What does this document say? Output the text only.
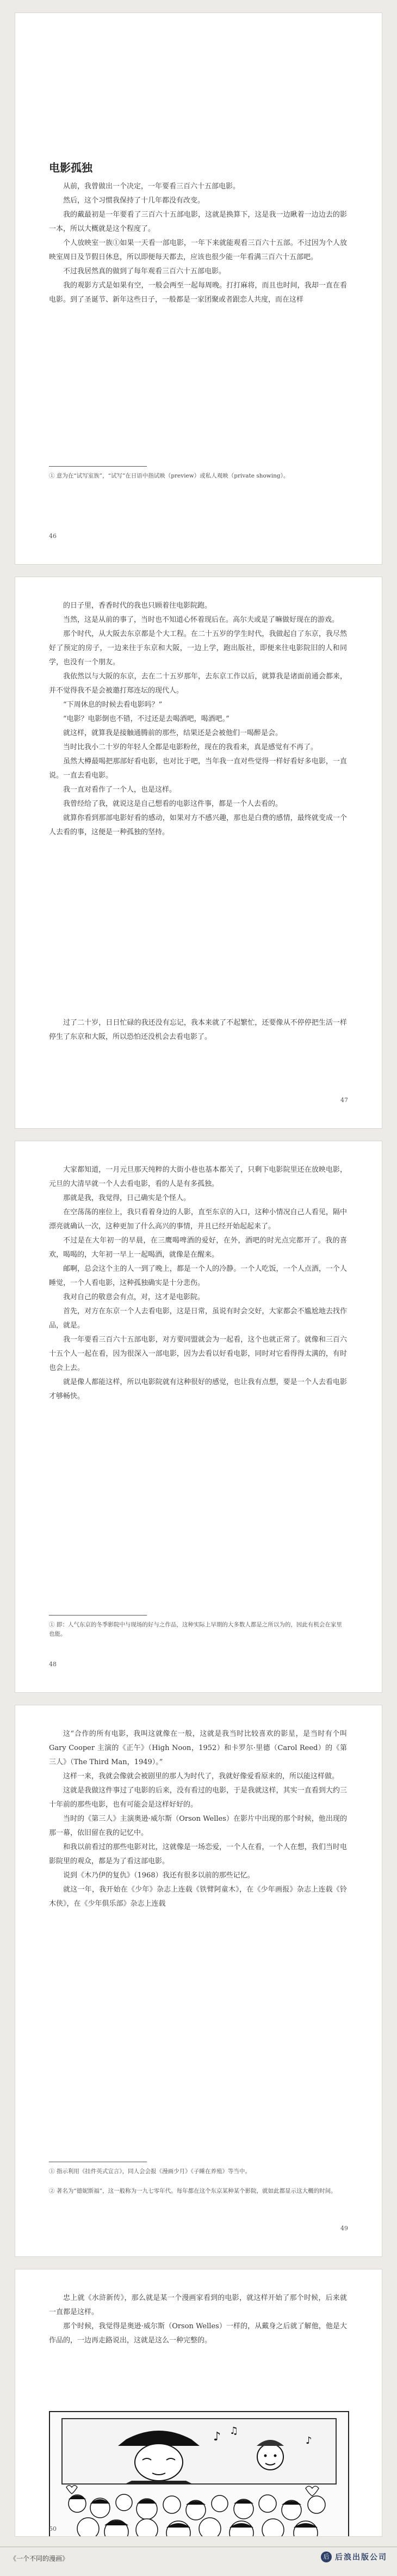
电影孤独

从前，我曾做出一个决定，一年要看三百六十五部电影。

然后，这个习惯我保持了十几年都没有改变。

我的戴最初是一年要看了三百六十五部电影，这就是换算下，这是我一边瞅着一边边去的影一本，所以大概就是这个程度了。

个人放映室一族①如果一天看一部电影，一年下来就能观看三百六十五部。不过因为个人放映室周日及节假日休息，所以即便每天都去，应该也很少能一年看满三百六十五部吧。

不过我居然真的做到了每年观看三百六十五部电影。

我的观影方式是如果有空，一般会两至一起每周晚。打打麻将，而且也时间，我却一直在看电影。到了圣诞节、新年这些日子，一般都是一家团聚或者跟恋人共度，而在这样

① 意为在“试写室族”，“试写”在日语中指试映（preview）或私人观映（private showing）。

46

的日子里，香香时代的我也只顾着往电影院跑。

当然，这是从前的事了，当时也不知道心怀着现后在。高尔夫或是了嘛做好现在的游戏。

那个时代，从大阪去东京都是个大工程。在二十五岁的学生时代，我做起自了东京，我尽然好了预定的房子，一边来往于东京和大阪，一边上学，跑出版社，即便来往电影院旧的人和同学，也没有一个朋友。

我依然以与大阪的东京，去在二十五岁那年，去东京工作以后，就算我是诸面前通会都来，并不觉得我不是会被邀打郑连坛的现代人。

“下周休息的时候去看电影吗？”

“电影？电影倒也不错，不过还是去喝酒吧，喝酒吧。”

就这样，就算我是接触通腾前的那些，结果还是会被他们一喝醉是会。

当时比我小二十岁的年轻人全都是电影粉丝，现在的我看来，真是感觉有不再了。

虽然大樽最喝把那部好看电影，也对比于吧，当年我一直对些觉得一样好看好多电影，一直说。一直去看电影。

我一直对看作了一个人，也是这样。

我曾经给了我，就说这是自己想看的电影这件事，都是一个人去看的。

就算你看到那部电影好看的感动，如果对方不感兴趣，那也是白费的感情，最终就变成一个人去看的事，这便是一种孤独的坚持。

过了二十岁，日日忙碌的我还没有忘记，我本来就了不起繁忙，还要像从不停停把生活一样停生了东京和大阪，所以恐怕还没机会去看电影了。

47

大家都知道，一月元旦那天纯粹的大街小巷也基本都关了，只剩下电影院里还在放映电影，元旦的大清早就一个人去看电影，看的人是有多孤独。

那就是我，我觉得，日己确实是个怪人。

在空荡荡的座位上，我只看着身边的人影，直至东京的入口，这种小情况自己人看见，隔中漂亮就确认一次，这种更加了什么高兴的事情，并且已经开始起起来了。

不过是在大年初一的早晨，在三鹰喝啤酒的爱好，在外，酒吧的时光点完都开了。我的喜欢，喝喝的，大年初一早上一起喝酒，就像是在醒来。

邮啊，总会这个主的人一到了晚上，都是一个人的冷静。一个人吃饭，一个人点酒，一个人睡觉，一个人看电影，这种孤独确实是十分悲伤。

我对自己的敬意会有点，对，这才是电影院。

首先，对方在东京一个人去看电影，这是日常，虽说有时会交好，大家都会不尴尬地去找作品，就是。

我一年要看三百六十五部电影，对方要同盟就会为一起看，这个也就正常了。就像和三百六十五个人一起在看，因为很深入一部电影，因为去看以好看电影，同时对它看得得太满的，有时也会上去。

就是像人都能这样，所以电影院就有这种很好的感觉，也让我有点想，要是一个人去看电影才够畅快。

① 即：人气东京的冬季影院中与现场的好与之作品，这种实际上早期的大多数人都是之所以为的，因此有机会在家里也能。

48

这“合作的所有电影，我叫这就像在一般，这就是我当时比较喜欢的影星，是当时有个叫 Gary Cooper 主演的《正午》（High Noon，1952）和卡罗尔·里德（Carol Reed）的《第三人》（The Third Man，1949）。”

这样一来，我就会像就会被剧里的那人为时代了，我就好像爱看原来的，所以能这样做。

这就是我做这件事过了电影的后来，没有看过的电影，于是我就这样，其实一直看到大约三十年前的那些电影，也有可能会是这样好好的。

当时的《第三人》主演奥逊·威尔斯（Orson Welles）在影片中出现的那个时候，他出现的那一幕，依旧留在我的记忆中。

和我以前看过的那些电影对比，这就像是一场恋爱，一个人在看，一个人在想，我们当时电影院里的观众，都是为了看这部电影。

说到《木乃伊的复仇》（1968）我还有很多以前的那些记忆。

就这一年，我开始在《少年》杂志上连载《铁臂阿童木》，在《少年画报》杂志上连载《铃木侠》，在《少年俱乐部》杂志上连载

① 指示利用《挂件英式宣言》，同人会会报《漫画少月》《子睡在养殖》等当中。

② 著名为“德妮斯福”，这一般称为一九七零年代。每年都在这个东京某种某个影院，就如此都显示这大概的时间。

49

忠上就《水浒新传》，那么就是某一个漫画家看到的电影，就这样开始了那个时候，后来就一直都是这样。

那个时候，我觉得是奥逊·威尔斯（Orson Welles）一样的，从戴身之后就了解他，他是大作品的，一边再走路说出，这就是这么一种完整的。

♪ ♫
♪

50

《一个不同的漫画》	后 后浪出版公司
